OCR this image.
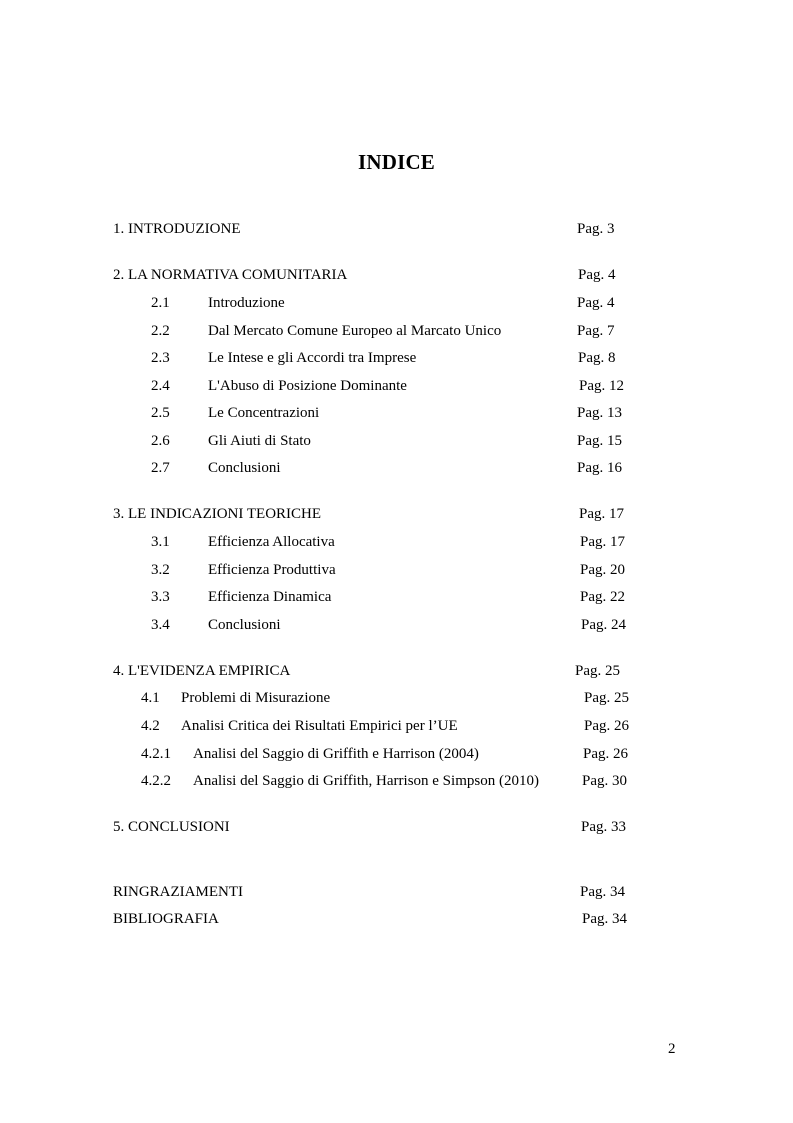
INDICE
1. INTRODUZIONE	Pag. 3
2. LA NORMATIVA COMUNITARIA	Pag. 4
2.1	Introduzione	Pag. 4
2.2	Dal Mercato Comune Europeo al Marcato Unico	Pag. 7
2.3	Le Intese e gli Accordi tra Imprese	Pag. 8
2.4	L'Abuso di Posizione Dominante	Pag. 12
2.5	Le Concentrazioni	Pag. 13
2.6	Gli Aiuti di Stato	Pag. 15
2.7	Conclusioni	Pag. 16
3. LE INDICAZIONI TEORICHE	Pag. 17
3.1	Efficienza Allocativa	Pag. 17
3.2	Efficienza Produttiva	Pag. 20
3.3	Efficienza Dinamica	Pag. 22
3.4	Conclusioni	Pag. 24
4. L'EVIDENZA EMPIRICA	Pag. 25
4.1 Problemi di Misurazione	Pag. 25
4.2 Analisi Critica dei Risultati Empirici per l’UE	Pag. 26
4.2.1 Analisi del Saggio di Griffith e Harrison (2004)	Pag. 26
4.2.2 Analisi del Saggio di Griffith, Harrison e Simpson (2010)	Pag. 30
5. CONCLUSIONI	Pag. 33
RINGRAZIAMENTI	Pag. 34
BIBLIOGRAFIA	Pag. 34
2
